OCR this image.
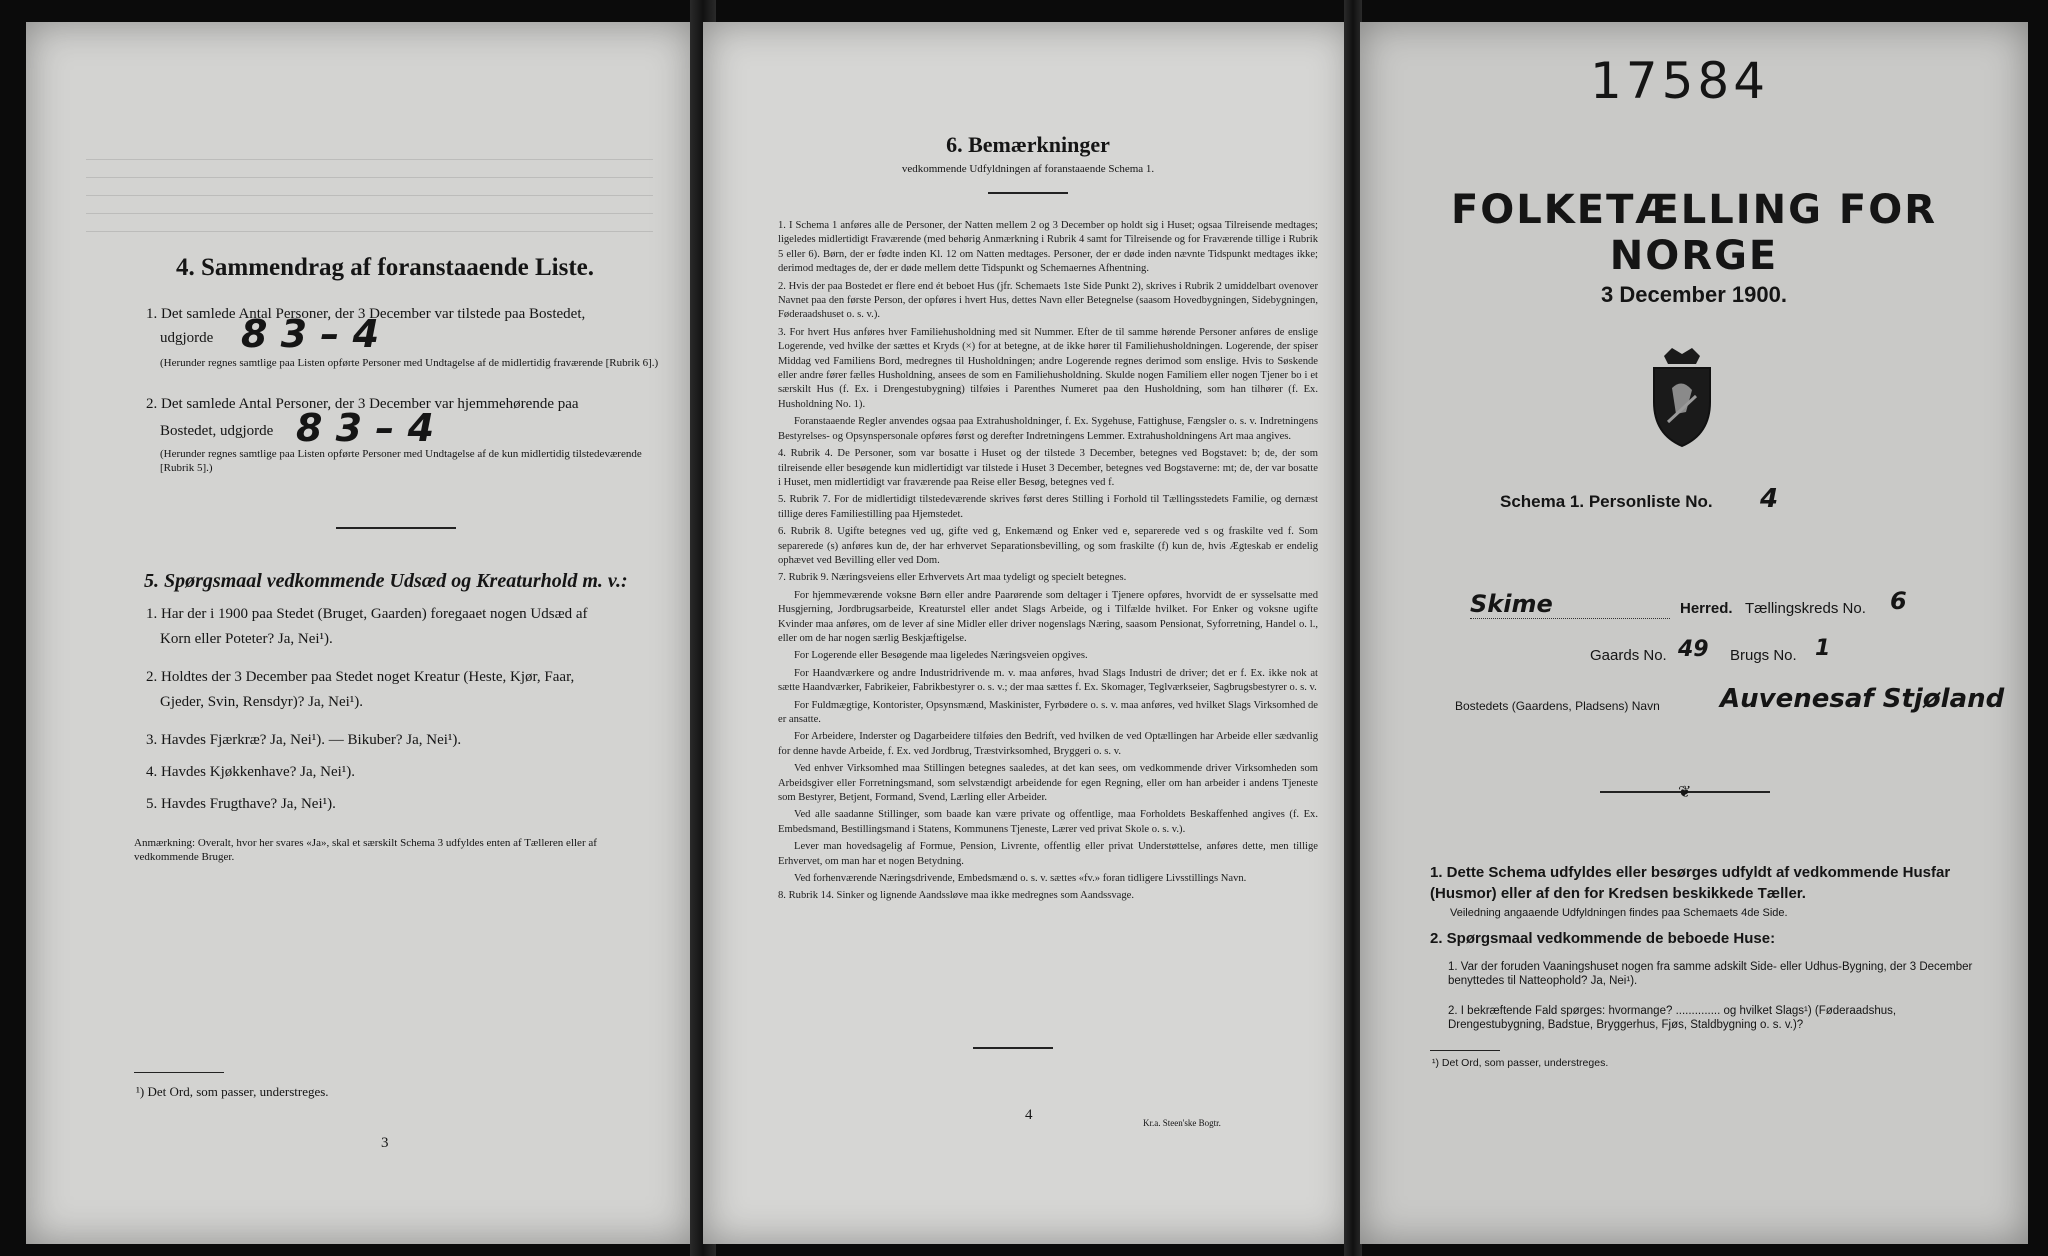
4. Sammendrag af foranstaaende Liste.
1. Det samlede Antal Personer, der 3 December var tilstede paa Bostedet,
udgjorde 8 3 – 4
(Herunder regnes samtlige paa Listen opførte Personer med Undtagelse af de midlertidig fraværende [Rubrik 6].)
2. Det samlede Antal Personer, der 3 December var hjemmehørende paa
Bostedet, udgjorde 8 3 – 4
(Herunder regnes samtlige paa Listen opførte Personer med Undtagelse af de kun midlertidig tilstedeværende [Rubrik 5].)
5. Spørgsmaal vedkommende Udsæd og Kreaturhold m. v.:
1. Har der i 1900 paa Stedet (Bruget, Gaarden) foregaaet nogen Udsæd af
Korn eller Poteter? Ja, Nei¹).
2. Holdtes der 3 December paa Stedet noget Kreatur (Heste, Kjør, Faar,
Gjeder, Svin, Rensdyr)? Ja, Nei¹).
3. Havdes Fjærkræ? Ja, Nei¹). — Bikuber? Ja, Nei¹).
4. Havdes Kjøkkenhave? Ja, Nei¹).
5. Havdes Frugthave? Ja, Nei¹).
Anmærkning: Overalt, hvor her svares «Ja», skal et særskilt Schema 3 udfyldes enten af Tælleren eller af vedkommende Bruger.
¹) Det Ord, som passer, understreges.
3
6. Bemærkninger
vedkommende Udfyldningen af foranstaaende Schema 1.

1. I Schema 1 anføres alle de Personer, der Natten mellem 2 og 3 December op holdt sig i Huset; ogsaa Tilreisende medtages; ligeledes midlertidigt Fraværende (med behørig Anmærkning i Rubrik 4 samt for Tilreisende og for Fraværende tillige i Rubrik 5 eller 6). Børn, der er fødte inden Kl. 12 om Natten medtages. Personer, der er døde inden nævnte Tidspunkt medtages ikke; derimod medtages de, der er døde mellem dette Tidspunkt og Schemaernes Afhentning.

2. Hvis der paa Bostedet er flere end ét beboet Hus (jfr. Schemaets 1ste Side Punkt 2), skrives i Rubrik 2 umiddelbart ovenover Navnet paa den første Person, der opføres i hvert Hus, dettes Navn eller Betegnelse (saasom Hovedbygningen, Sidebygningen, Føderaadshuset o. s. v.).

3. For hvert Hus anføres hver Familiehusholdning med sit Nummer. Efter de til samme hørende Personer anføres de enslige Logerende, ved hvilke der sættes et Kryds (×) for at betegne, at de ikke hører til Familiehusholdningen. Logerende, der spiser Middag ved Familiens Bord, medregnes til Husholdningen; andre Logerende regnes derimod som enslige. Hvis to Søskende eller andre fører fælles Husholdning, ansees de som en Familiehusholdning. Skulde nogen Familiem eller nogen Tjener bo i et særskilt Hus (f. Ex. i Drengestubygning) tilføies i Parenthes Numeret paa den Husholdning, som han tilhører (f. Ex. Husholdning No. 1).

Foranstaaende Regler anvendes ogsaa paa Extrahusholdninger, f. Ex. Sygehuse, Fattighuse, Fængsler o. s. v. Indretningens Bestyrelses- og Opsynspersonale opføres først og derefter Indretningens Lemmer. Extrahusholdningens Art maa angives.

4. Rubrik 4. De Personer, som var bosatte i Huset og der tilstede 3 December, betegnes ved Bogstavet: b; de, der som tilreisende eller besøgende kun midlertidigt var tilstede i Huset 3 December, betegnes ved Bogstaverne: mt; de, der var bosatte i Huset, men midlertidigt var fraværende paa Reise eller Besøg, betegnes ved f.

5. Rubrik 7. For de midlertidigt tilstedeværende skrives først deres Stilling i Forhold til Tællingsstedets Familie, og dernæst tillige deres Familiestilling paa Hjemstedet.

6. Rubrik 8. Ugifte betegnes ved ug, gifte ved g, Enkemænd og Enker ved e, separerede ved s og fraskilte ved f. Som separerede (s) anføres kun de, der har erhvervet Separationsbevilling, og som fraskilte (f) kun de, hvis Ægteskab er endelig ophævet ved Bevilling eller ved Dom.

7. Rubrik 9. Næringsveiens eller Erhvervets Art maa tydeligt og specielt betegnes.

For hjemmeværende voksne Børn eller andre Paarørende som deltager i Tjenere opføres, hvorvidt de er sysselsatte med Husgjerning, Jordbrugsarbeide, Kreaturstel eller andet Slags Arbeide, og i Tilfælde hvilket. For Enker og voksne ugifte Kvinder maa anføres, om de lever af sine Midler eller driver nogenslags Næring, saasom Pensionat, Syforretning, Handel o. l., eller om de har nogen særlig Beskjæftigelse.

For Logerende eller Besøgende maa ligeledes Næringsveien opgives.

For Haandværkere og andre Industridrivende m. v. maa anføres, hvad Slags Industri de driver; det er f. Ex. ikke nok at sætte Haandværker, Fabrikeier, Fabrikbestyrer o. s. v.; der maa sættes f. Ex. Skomager, Teglværkseier, Sagbrugsbestyrer o. s. v.

For Fuldmægtige, Kontorister, Opsynsmænd, Maskinister, Fyrbødere o. s. v. maa anføres, ved hvilket Slags Virksomhed de er ansatte.

For Arbeidere, Inderster og Dagarbeidere tilføies den Bedrift, ved hvilken de ved Optællingen har Arbeide eller sædvanlig for denne havde Arbeide, f. Ex. ved Jordbrug, Træstvirksomhed, Bryggeri o. s. v.

Ved enhver Virksomhed maa Stillingen betegnes saaledes, at det kan sees, om vedkommende driver Virksomheden som Arbeidsgiver eller Forretningsmand, som selvstændigt arbeidende for egen Regning, eller om han arbeider i andens Tjeneste som Bestyrer, Betjent, Formand, Svend, Lærling eller Arbeider.

Ved alle saadanne Stillinger, som baade kan være private og offentlige, maa Forholdets Beskaffenhed angives (f. Ex. Embedsmand, Bestillingsmand i Statens, Kommunens Tjeneste, Lærer ved privat Skole o. s. v.).

Lever man hovedsagelig af Formue, Pension, Livrente, offentlig eller privat Understøttelse, anføres dette, men tillige Erhvervet, om man har et nogen Betydning.

Ved forhenværende Næringsdrivende, Embedsmænd o. s. v. sættes «fv.» foran tidligere Livsstillings Navn.

8. Rubrik 14. Sinker og lignende Aandssløve maa ikke medregnes som Aandssvage.

4	Kr.a. Steen'ske Bogtr.
17584
FOLKETÆLLING FOR NORGE
3 December 1900.
Schema 1. Personliste No. 4
Skime	Herred. Tællingskreds No. 6
Gaards No. 49 Brugs No. 1
Bostedets (Gaardens, Pladsens) Navn Auvenesaf Stjøland
❦
1. Dette Schema udfyldes eller besørges udfyldt af vedkommende Husfar (Husmor) eller af den for Kredsen beskikkede Tæller.
Veiledning angaaende Udfyldningen findes paa Schemaets 4de Side.
2. Spørgsmaal vedkommende de beboede Huse:
1. Var der foruden Vaaningshuset nogen fra samme adskilt Side- eller Udhus-Bygning, der 3 December benyttedes til Natteophold? Ja, Nei¹).
2. I bekræftende Fald spørges: hvormange? .............. og hvilket Slags¹) (Føderaadshus, Drengestubygning, Badstue, Bryggerhus, Fjøs, Staldbygning o. s. v.)?
¹) Det Ord, som passer, understreges.
